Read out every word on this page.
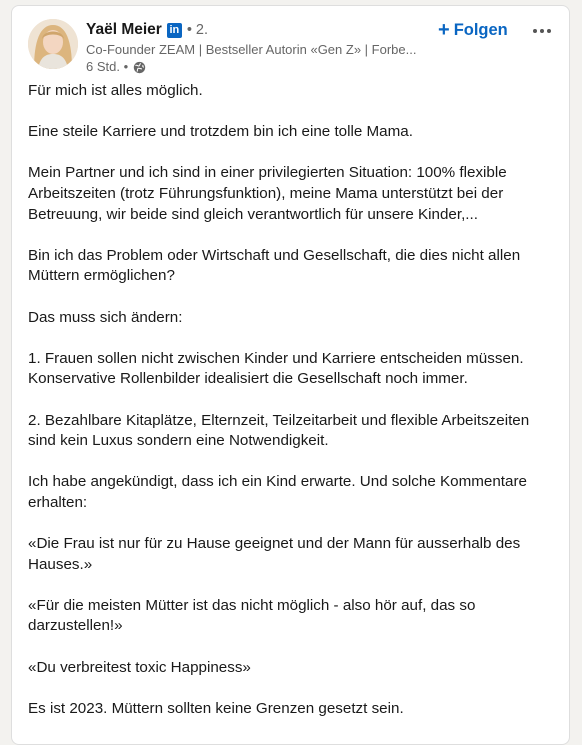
Yaël Meier in • 2.
Co-Founder ZEAM | Bestseller Autorin «Gen Z» | Forbe...
6 Std. •
+ Folgen

Für mich ist alles möglich.

Eine steile Karriere und trotzdem bin ich eine tolle Mama.

Mein Partner und ich sind in einer privilegierten Situation: 100% flexible Arbeitszeiten (trotz Führungsfunktion), meine Mama unterstützt bei der Betreuung, wir beide sind gleich verantwortlich für unsere Kinder,...

Bin ich das Problem oder Wirtschaft und Gesellschaft, die dies nicht allen Müttern ermöglichen?

Das muss sich ändern:

1. Frauen sollen nicht zwischen Kinder und Karriere entscheiden müssen. Konservative Rollenbilder idealisiert die Gesellschaft noch immer.

2. Bezahlbare Kitaplätze, Elternzeit, Teilzeitarbeit und flexible Arbeitszeiten sind kein Luxus sondern eine Notwendigkeit.

Ich habe angekündigt, dass ich ein Kind erwarte. Und solche Kommentare erhalten:

«Die Frau ist nur für zu Hause geeignet und der Mann für ausserhalb des Hauses.»

«Für die meisten Mütter ist das nicht möglich - also hör auf, das so darzustellen!»

«Du verbreitest toxic Happiness»

Es ist 2023. Müttern sollten keine Grenzen gesetzt sein.
